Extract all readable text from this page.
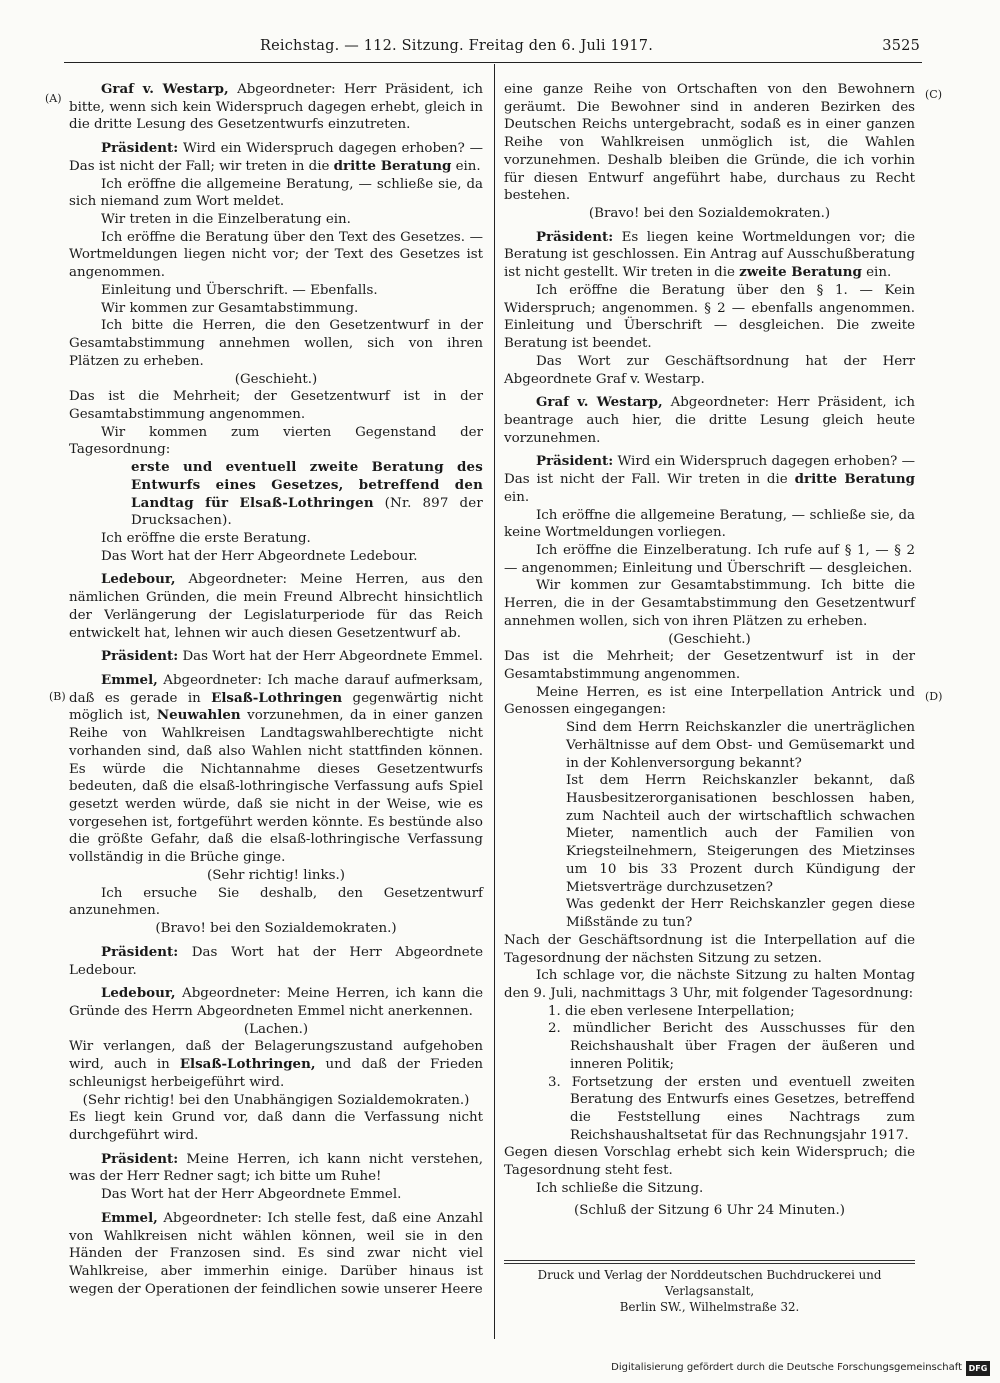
Reichstag. — 112. Sitzung. Freitag den 6. Juli 1917.	3525
(A)
(B)
(C)
(D)

Graf v. Westarp, Abgeordneter: Herr Präsident, ich bitte, wenn sich kein Widerspruch dagegen erhebt, gleich in die dritte Lesung des Gesetzentwurfs einzutreten.

Präsident: Wird ein Widerspruch dagegen erhoben? — Das ist nicht der Fall; wir treten in die dritte Beratung ein.

Ich eröffne die allgemeine Beratung, — schließe sie, da sich niemand zum Wort meldet.

Wir treten in die Einzelberatung ein.

Ich eröffne die Beratung über den Text des Gesetzes. — Wortmeldungen liegen nicht vor; der Text des Gesetzes ist angenommen.

Einleitung und Überschrift. — Ebenfalls.

Wir kommen zur Gesamtabstimmung.

Ich bitte die Herren, die den Gesetzentwurf in der Gesamtabstimmung annehmen wollen, sich von ihren Plätzen zu erheben.

(Geschieht.)

Das ist die Mehrheit; der Gesetzentwurf ist in der Gesamtabstimmung angenommen.

Wir kommen zum vierten Gegenstand der Tagesordnung:

erste und eventuell zweite Beratung des Entwurfs eines Gesetzes, betreffend den Landtag für Elsaß-Lothringen (Nr. 897 der Drucksachen).

Ich eröffne die erste Beratung.

Das Wort hat der Herr Abgeordnete Ledebour.

Ledebour, Abgeordneter: Meine Herren, aus den nämlichen Gründen, die mein Freund Albrecht hinsichtlich der Verlängerung der Legislaturperiode für das Reich entwickelt hat, lehnen wir auch diesen Gesetzentwurf ab.

Präsident: Das Wort hat der Herr Abgeordnete Emmel.

Emmel, Abgeordneter: Ich mache darauf aufmerksam, daß es gerade in Elsaß-Lothringen gegenwärtig nicht möglich ist, Neuwahlen vorzunehmen, da in einer ganzen Reihe von Wahlkreisen Landtagswahlberechtigte nicht vorhanden sind, daß also Wahlen nicht stattfinden können. Es würde die Nichtannahme dieses Gesetzentwurfs bedeuten, daß die elsaß-lothringische Verfassung aufs Spiel gesetzt werden würde, daß sie nicht in der Weise, wie es vorgesehen ist, fortgeführt werden könnte. Es bestünde also die größte Gefahr, daß die elsaß-lothringische Verfassung vollständig in die Brüche ginge.

(Sehr richtig! links.)

Ich ersuche Sie deshalb, den Gesetzentwurf anzunehmen.

(Bravo! bei den Sozialdemokraten.)

Präsident: Das Wort hat der Herr Abgeordnete Ledebour.

Ledebour, Abgeordneter: Meine Herren, ich kann die Gründe des Herrn Abgeordneten Emmel nicht anerkennen.

(Lachen.)

Wir verlangen, daß der Belagerungszustand aufgehoben wird, auch in Elsaß-Lothringen, und daß der Frieden schleunigst herbeigeführt wird.

(Sehr richtig! bei den Unabhängigen Sozialdemokraten.)

Es liegt kein Grund vor, daß dann die Verfassung nicht durchgeführt wird.

Präsident: Meine Herren, ich kann nicht verstehen, was der Herr Redner sagt; ich bitte um Ruhe!

Das Wort hat der Herr Abgeordnete Emmel.

Emmel, Abgeordneter: Ich stelle fest, daß eine Anzahl von Wahlkreisen nicht wählen können, weil sie in den Händen der Franzosen sind. Es sind zwar nicht viel Wahlkreise, aber immerhin einige. Darüber hinaus ist wegen der Operationen der feindlichen sowie unserer Heere

eine ganze Reihe von Ortschaften von den Bewohnern geräumt. Die Bewohner sind in anderen Bezirken des Deutschen Reichs untergebracht, sodaß es in einer ganzen Reihe von Wahlkreisen unmöglich ist, die Wahlen vorzunehmen. Deshalb bleiben die Gründe, die ich vorhin für diesen Entwurf angeführt habe, durchaus zu Recht bestehen.

(Bravo! bei den Sozialdemokraten.)

Präsident: Es liegen keine Wortmeldungen vor; die Beratung ist geschlossen. Ein Antrag auf Ausschußberatung ist nicht gestellt. Wir treten in die zweite Beratung ein.

Ich eröffne die Beratung über den § 1. — Kein Widerspruch; angenommen. § 2 — ebenfalls angenommen. Einleitung und Überschrift — desgleichen. Die zweite Beratung ist beendet.

Das Wort zur Geschäftsordnung hat der Herr Abgeordnete Graf v. Westarp.

Graf v. Westarp, Abgeordneter: Herr Präsident, ich beantrage auch hier, die dritte Lesung gleich heute vorzunehmen.

Präsident: Wird ein Widerspruch dagegen erhoben? — Das ist nicht der Fall. Wir treten in die dritte Beratung ein.

Ich eröffne die allgemeine Beratung, — schließe sie, da keine Wortmeldungen vorliegen.

Ich eröffne die Einzelberatung. Ich rufe auf § 1, — § 2 — angenommen; Einleitung und Überschrift — desgleichen.

Wir kommen zur Gesamtabstimmung. Ich bitte die Herren, die in der Gesamtabstimmung den Gesetzentwurf annehmen wollen, sich von ihren Plätzen zu erheben.

(Geschieht.)

Das ist die Mehrheit; der Gesetzentwurf ist in der Gesamtabstimmung angenommen.

Meine Herren, es ist eine Interpellation Antrick und Genossen eingegangen:

Sind dem Herrn Reichskanzler die unerträglichen Verhältnisse auf dem Obst- und Gemüsemarkt und in der Kohlenversorgung bekannt?

Ist dem Herrn Reichskanzler bekannt, daß Hausbesitzerorganisationen beschlossen haben, zum Nachteil auch der wirtschaftlich schwachen Mieter, namentlich auch der Familien von Kriegsteilnehmern, Steigerungen des Mietzinses um 10 bis 33 Prozent durch Kündigung der Mietsverträge durchzusetzen?

Was gedenkt der Herr Reichskanzler gegen diese Mißstände zu tun?

Nach der Geschäftsordnung ist die Interpellation auf die Tagesordnung der nächsten Sitzung zu setzen.

Ich schlage vor, die nächste Sitzung zu halten Montag den 9. Juli, nachmittags 3 Uhr, mit folgender Tagesordnung:

1. die eben verlesene Interpellation;

2. mündlicher Bericht des Ausschusses für den Reichshaushalt über Fragen der äußeren und inneren Politik;

3. Fortsetzung der ersten und eventuell zweiten Beratung des Entwurfs eines Gesetzes, betreffend die Feststellung eines Nachtrags zum Reichshaushaltsetat für das Rechnungsjahr 1917.

Gegen diesen Vorschlag erhebt sich kein Widerspruch; die Tagesordnung steht fest.

Ich schließe die Sitzung.

(Schluß der Sitzung 6 Uhr 24 Minuten.)

Druck und Verlag der Norddeutschen Buchdruckerei und Verlagsanstalt,
Berlin SW., Wilhelmstraße 32.
Digitalisierung gefördert durch die Deutsche Forschungsgemeinschaft DFG
